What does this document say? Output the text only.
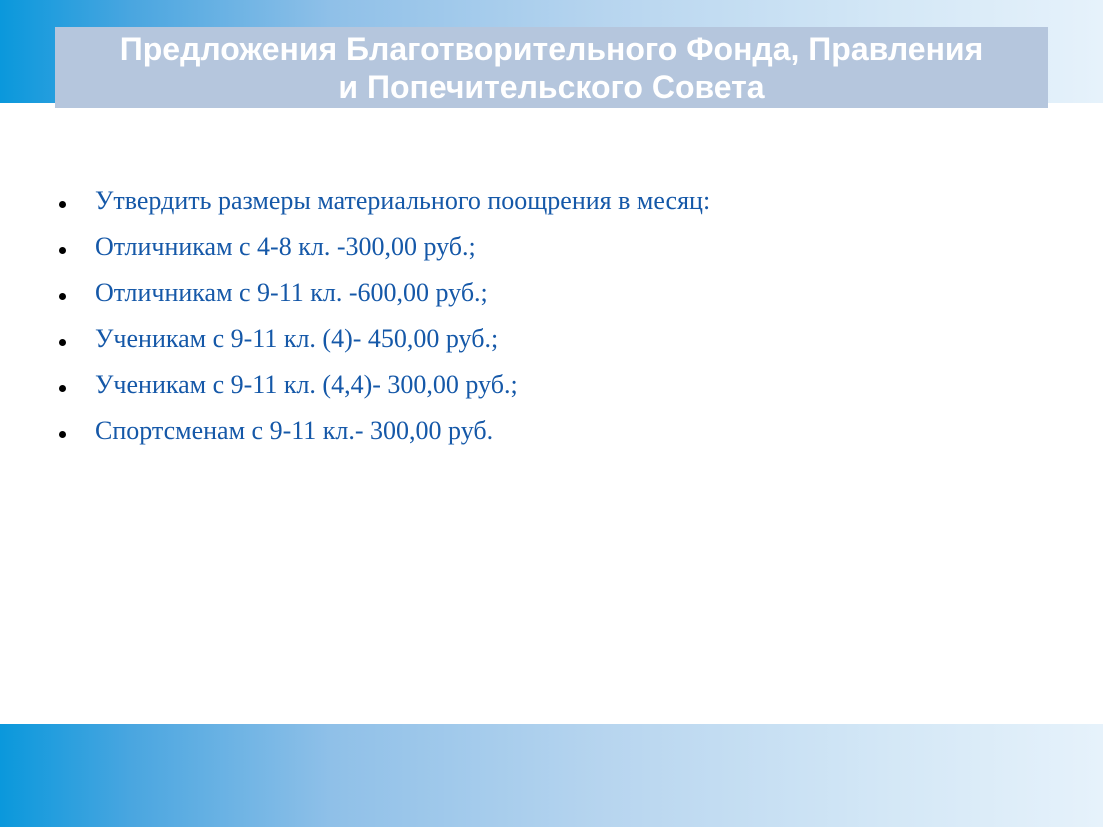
Предложения Благотворительного Фонда, Правления
и Попечительского Совета
Утвердить размеры материального поощрения в месяц:
Отличникам с 4-8 кл. -300,00 руб.;
Отличникам с 9-11 кл. -600,00 руб.;
Ученикам с 9-11 кл. (4)- 450,00 руб.;
Ученикам с 9-11 кл. (4,4)- 300,00 руб.;
Спортсменам с 9-11 кл.- 300,00 руб.
